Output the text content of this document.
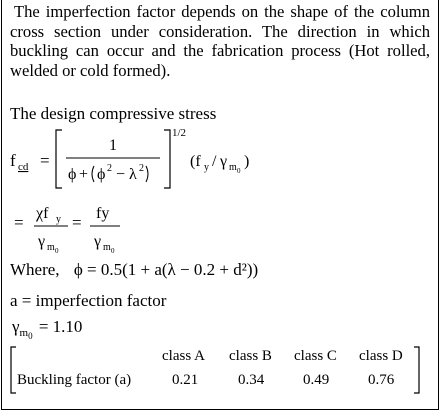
The imperfection factor depends on the shape of the column cross section under consideration. The direction in which buckling can occur and the fabrication process (Hot rolled, welded or cold formed).

The design compressive stress
f cd =
1/2
1
ϕ + ϕ 2 − λ 2	(f y / γ m 0
)
= χf y
γ m 0
= fy
γ m 0
Where, ϕ = 0.5(1 + a(λ − 0.2 + d²))
a = imperfection factor
$\gamma_{m0} = 1.10$
class A class B class C class D
Buckling factor (a)	0.21	0.34	0.49	0.76
